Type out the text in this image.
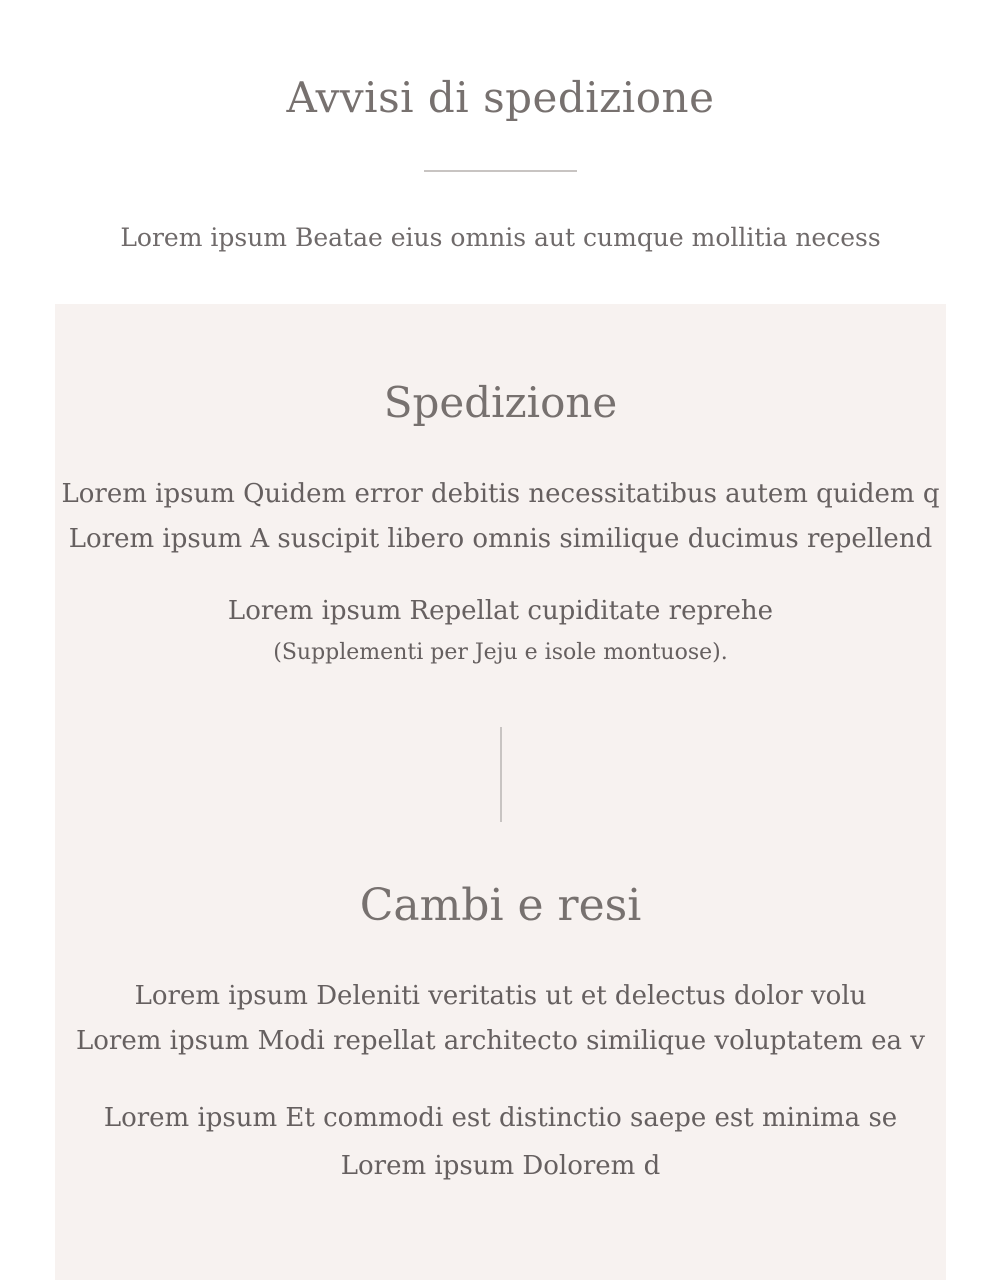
Avvisi di spedizione

Lorem ipsum Beatae eius omnis aut cumque mollitia necess

Spedizione

Lorem ipsum Quidem error debitis necessitatibus autem quidem q
Lorem ipsum A suscipit libero omnis similique ducimus repellend

Lorem ipsum Repellat cupiditate reprehe

(Supplementi per Jeju e isole montuose).

Cambi e resi

Lorem ipsum Deleniti veritatis ut et delectus dolor volu
Lorem ipsum Modi repellat architecto similique voluptatem ea v

Lorem ipsum Et commodi est distinctio saepe est minima se
Lorem ipsum Dolorem d
